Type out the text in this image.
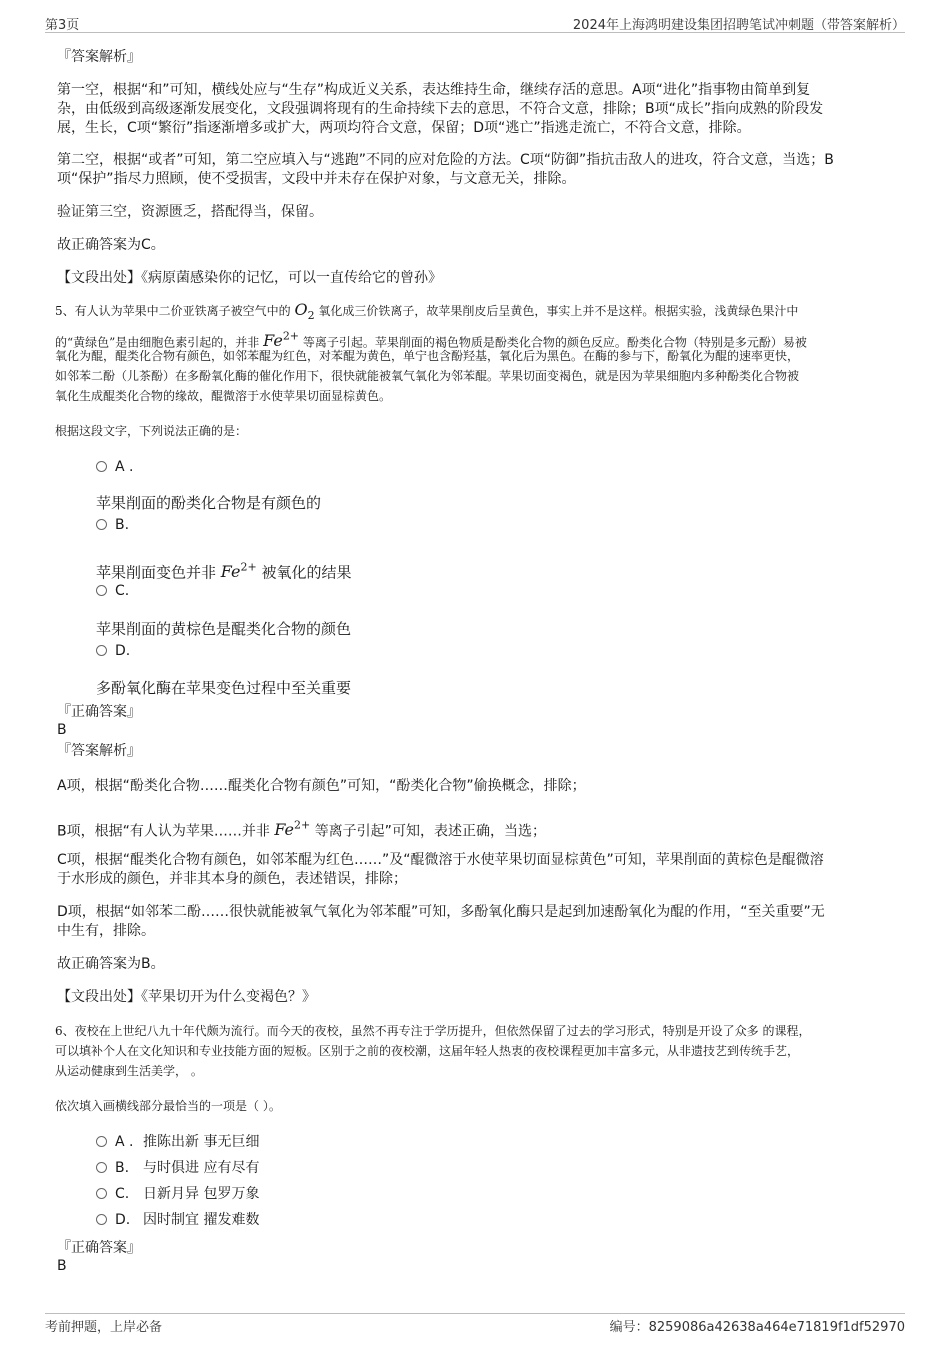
第3页	2024年上海鸿明建设集团招聘笔试冲刺题（带答案解析）
『答案解析』
第一空，根据“和”可知，横线处应与“生存”构成近义关系，表达维持生命，继续存活的意思。A项“进化”指事物由简单到复
杂，由低级到高级逐渐发展变化，文段强调将现有的生命持续下去的意思，不符合文意，排除；B项“成长”指向成熟的阶段发
展，生长，C项“繁衍”指逐渐增多或扩大，两项均符合文意，保留；D项“逃亡”指逃走流亡，不符合文意，排除。
第二空，根据“或者”可知，第二空应填入与“逃跑”不同的应对危险的方法。C项“防御”指抗击敌人的进攻，符合文意，当选；B
项“保护”指尽力照顾，使不受损害，文段中并未存在保护对象，与文意无关，排除。
验证第三空，资源匮乏，搭配得当，保留。
故正确答案为C。
【文段出处】《病原菌感染你的记忆，可以一直传给它的曾孙》
5、有人认为苹果中二价亚铁离子被空气中的 $O_2$ 氧化成三价铁离子，故苹果削皮后呈黄色，事实上并不是这样。根据实验，浅黄绿色果汁中
的“黄绿色”是由细胞色素引起的，并非 $Fe^{2+}$ 等离子引起。苹果削面的褐色物质是酚类化合物的颜色反应。酚类化合物（特别是多元酚）易被
氧化为醌，醌类化合物有颜色，如邻苯醌为红色，对苯醌为黄色，单宁也含酚羟基，氧化后为黑色。在酶的参与下，酚氧化为醌的速率更快，
如邻苯二酚（儿茶酚）在多酚氧化酶的催化作用下，很快就能被氧气氧化为邻苯醌。苹果切面变褐色，就是因为苹果细胞内多种酚类化合物被
氧化生成醌类化合物的缘故，醌微溶于水使苹果切面显棕黄色。
根据这段文字，下列说法正确的是：
A .
苹果削面的酚类化合物是有颜色的
B.
苹果削面变色并非 $Fe^{2+}$ 被氧化的结果
C.
苹果削面的黄棕色是醌类化合物的颜色
D.
多酚氧化酶在苹果变色过程中至关重要
『正确答案』
B
『答案解析』
A项，根据“酚类化合物……醌类化合物有颜色”可知，“酚类化合物”偷换概念，排除；
B项，根据“有人认为苹果……并非 $Fe^{2+}$ 等离子引起”可知，表述正确，当选；
C项，根据“醌类化合物有颜色，如邻苯醌为红色……”及“醌微溶于水使苹果切面显棕黄色”可知，苹果削面的黄棕色是醌微溶
于水形成的颜色，并非其本身的颜色，表述错误，排除；
D项，根据“如邻苯二酚……很快就能被氧气氧化为邻苯醌”可知，多酚氧化酶只是起到加速酚氧化为醌的作用，“至关重要”无
中生有，排除。
故正确答案为B。
【文段出处】《苹果切开为什么变褐色？》
6、夜校在上世纪八九十年代颇为流行。而今天的夜校，虽然不再专注于学历提升，但依然保留了过去的学习形式，特别是开设了众多 的课程，
可以填补个人在文化知识和专业技能方面的短板。区别于之前的夜校潮，这届年轻人热衷的夜校课程更加丰富多元，从非遗技艺到传统手艺，
从运动健康到生活美学， 。
依次填入画横线部分最恰当的一项是（ ）。
A . 推陈出新 事无巨细
B. 与时俱进 应有尽有
C. 日新月异 包罗万象
D. 因时制宜 擢发难数
『正确答案』
B
考前押题，上岸必备	编号：8259086a42638a464e71819f1df52970
